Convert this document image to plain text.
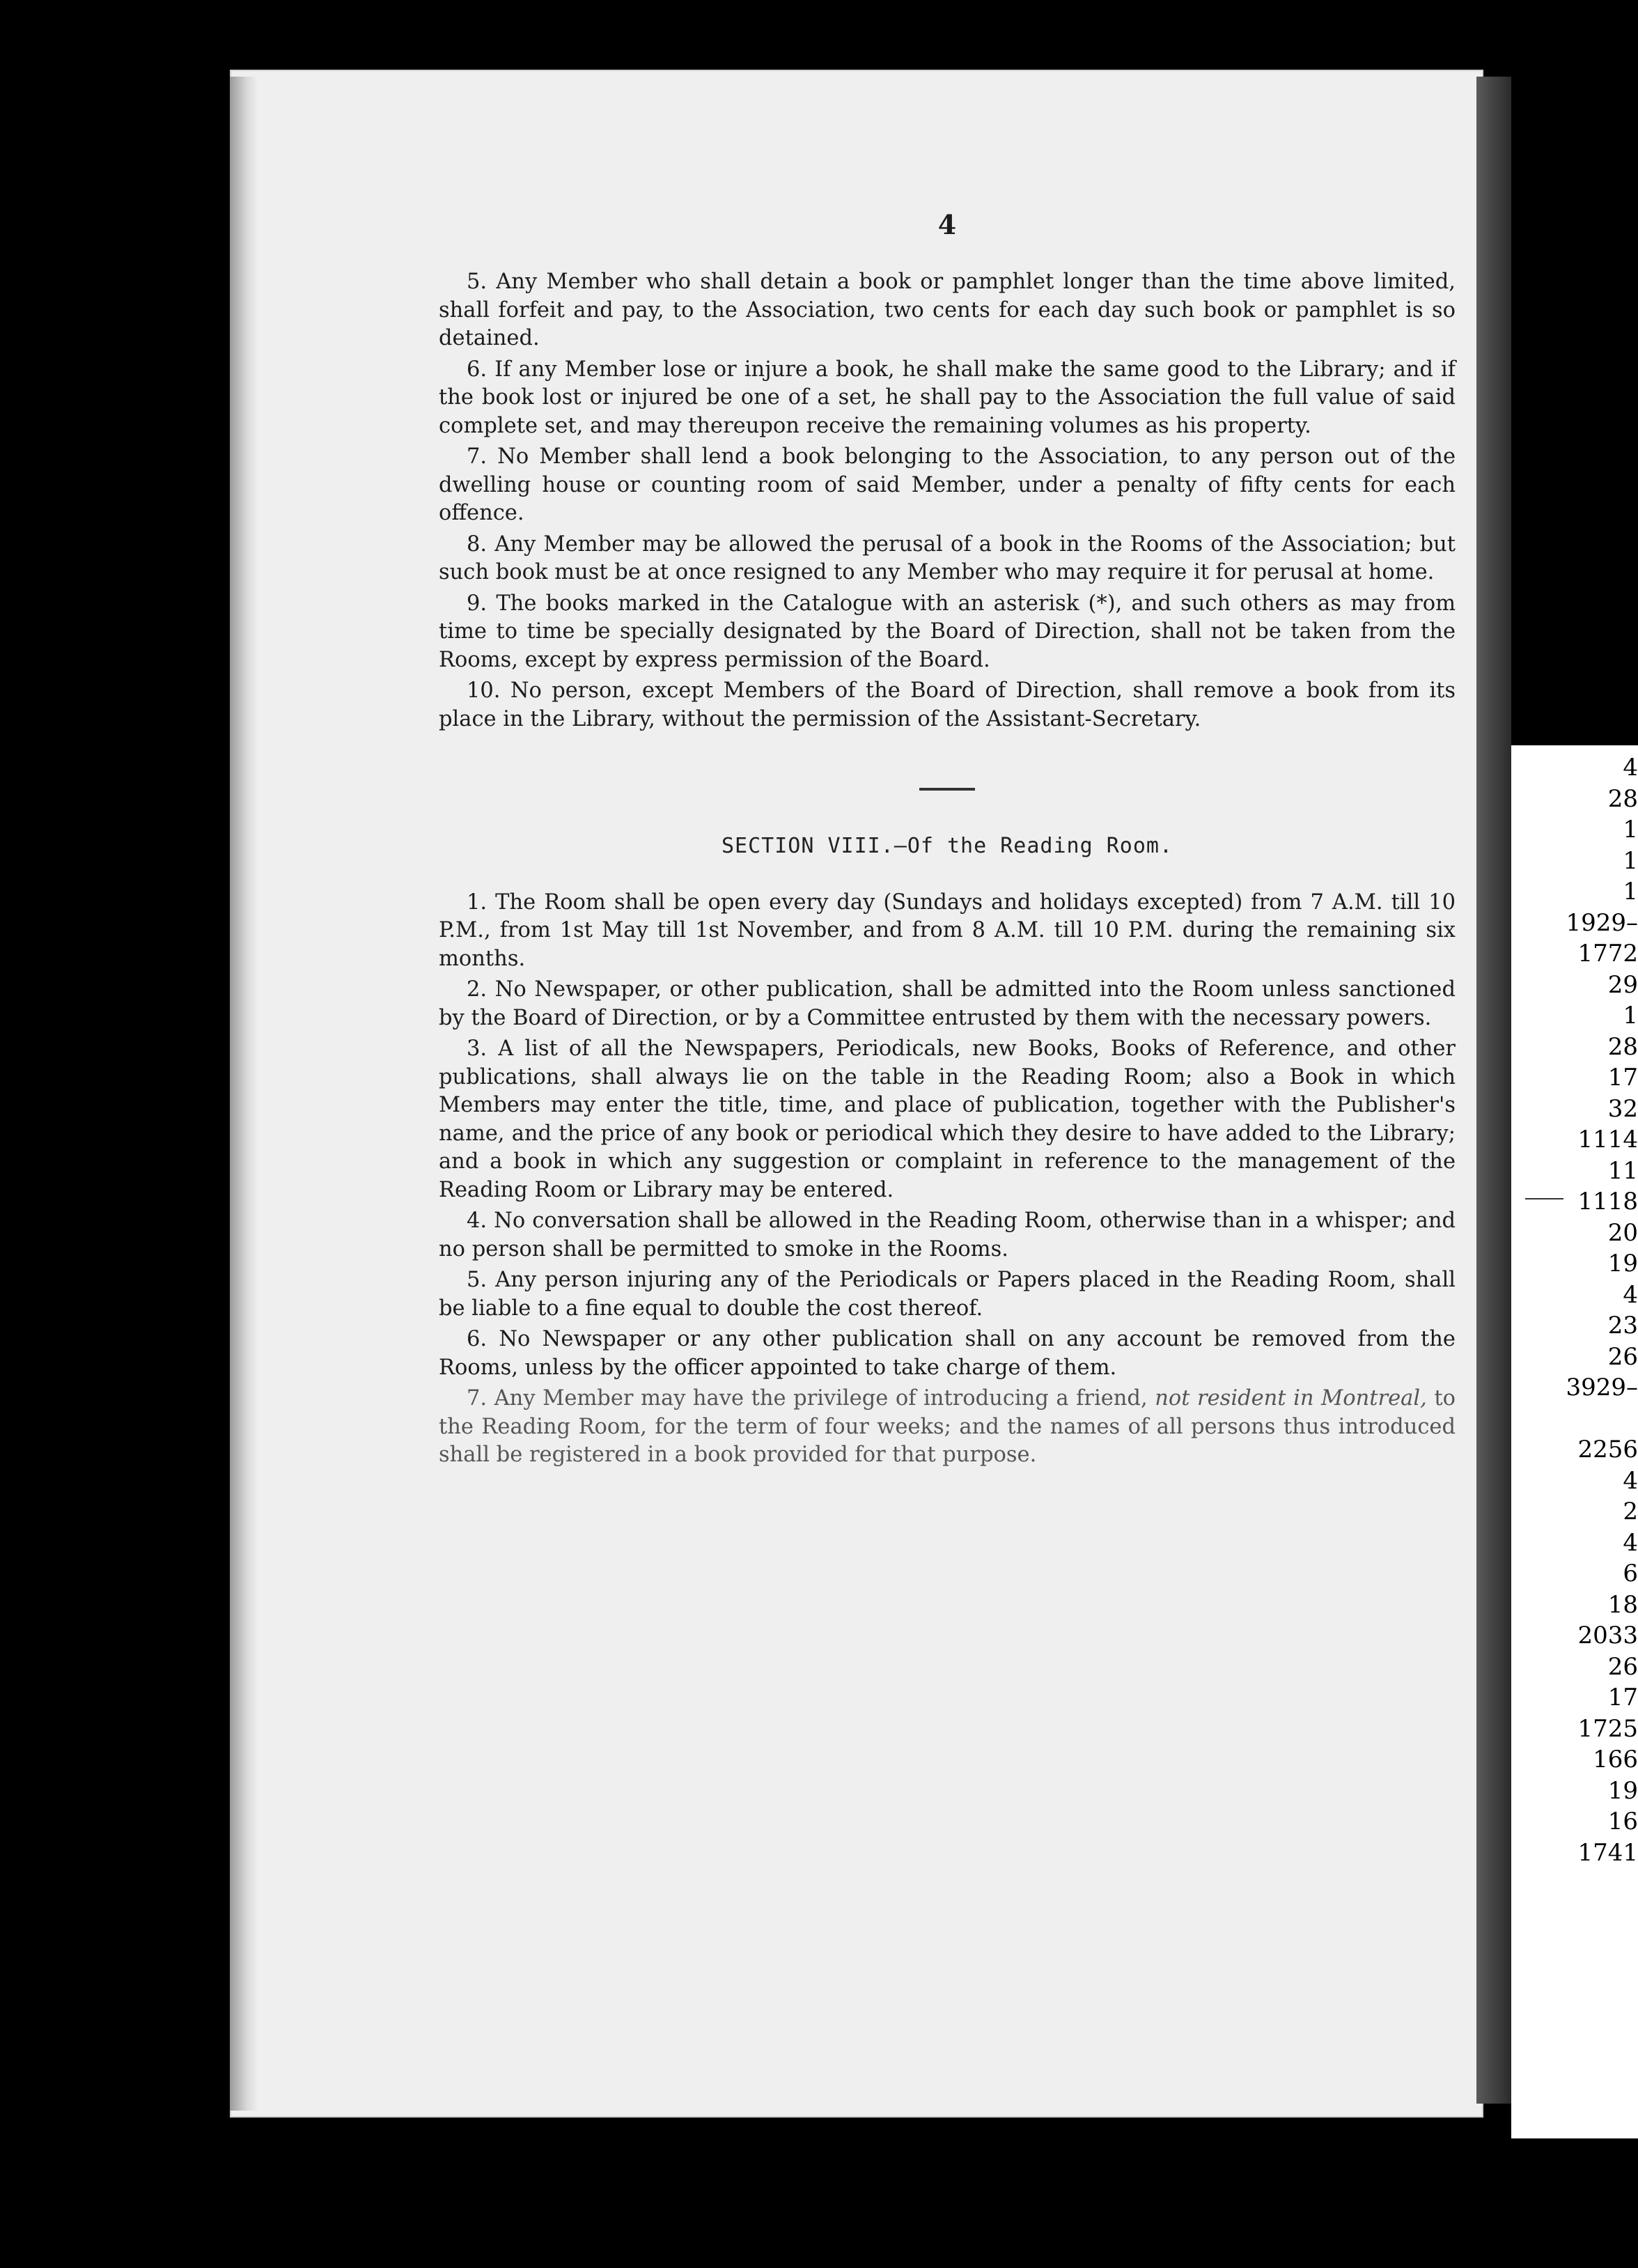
4

5. Any Member who shall detain a book or pamphlet longer than the time above limited, shall forfeit and pay, to the Association, two cents for each day such book or pamphlet is so detained.

6. If any Member lose or injure a book, he shall make the same good to the Library; and if the book lost or injured be one of a set, he shall pay to the Association the full value of said complete set, and may thereupon receive the remaining volumes as his property.

7. No Member shall lend a book belonging to the Association, to any person out of the dwelling house or counting room of said Member, under a penalty of fifty cents for each offence.

8. Any Member may be allowed the perusal of a book in the Rooms of the Association; but such book must be at once resigned to any Member who may require it for perusal at home.

9. The books marked in the Catalogue with an asterisk (*), and such others as may from time to time be specially designated by the Board of Direction, shall not be taken from the Rooms, except by express permission of the Board.

10. No person, except Members of the Board of Direction, shall remove a book from its place in the Library, without the permission of the Assistant-Secretary.

SECTION VIII.—Of the Reading Room.

1. The Room shall be open every day (Sundays and holidays excepted) from 7 A.M. till 10 P.M., from 1st May till 1st November, and from 8 A.M. till 10 P.M. during the remaining six months.

2. No Newspaper, or other publication, shall be admitted into the Room unless sanctioned by the Board of Direction, or by a Committee entrusted by them with the necessary powers.

3. A list of all the Newspapers, Periodicals, new Books, Books of Reference, and other publications, shall always lie on the table in the Reading Room; also a Book in which Members may enter the title, time, and place of publication, together with the Publisher's name, and the price of any book or periodical which they desire to have added to the Library; and a book in which any suggestion or complaint in reference to the management of the Reading Room or Library may be entered.

4. No conversation shall be allowed in the Reading Room, otherwise than in a whisper; and no person shall be permitted to smoke in the Rooms.

5. Any person injuring any of the Periodicals or Papers placed in the Reading Room, shall be liable to a fine equal to double the cost thereof.

6. No Newspaper or any other publication shall on any account be removed from the Rooms, unless by the officer appointed to take charge of them.

7. Any Member may have the privilege of introducing a friend, not resident in Montreal, to the Reading Room, for the term of four weeks; and the names of all persons thus introduced shall be registered in a book provided for that purpose.

4
28
1
1
1
1929–
1772
29
1
28
17
32
1114
11
1118
20
19
4
23
26
3929–
2256
4
2
4
6
18
2033
26
17
1725
166
19
16
1741
ʃ
